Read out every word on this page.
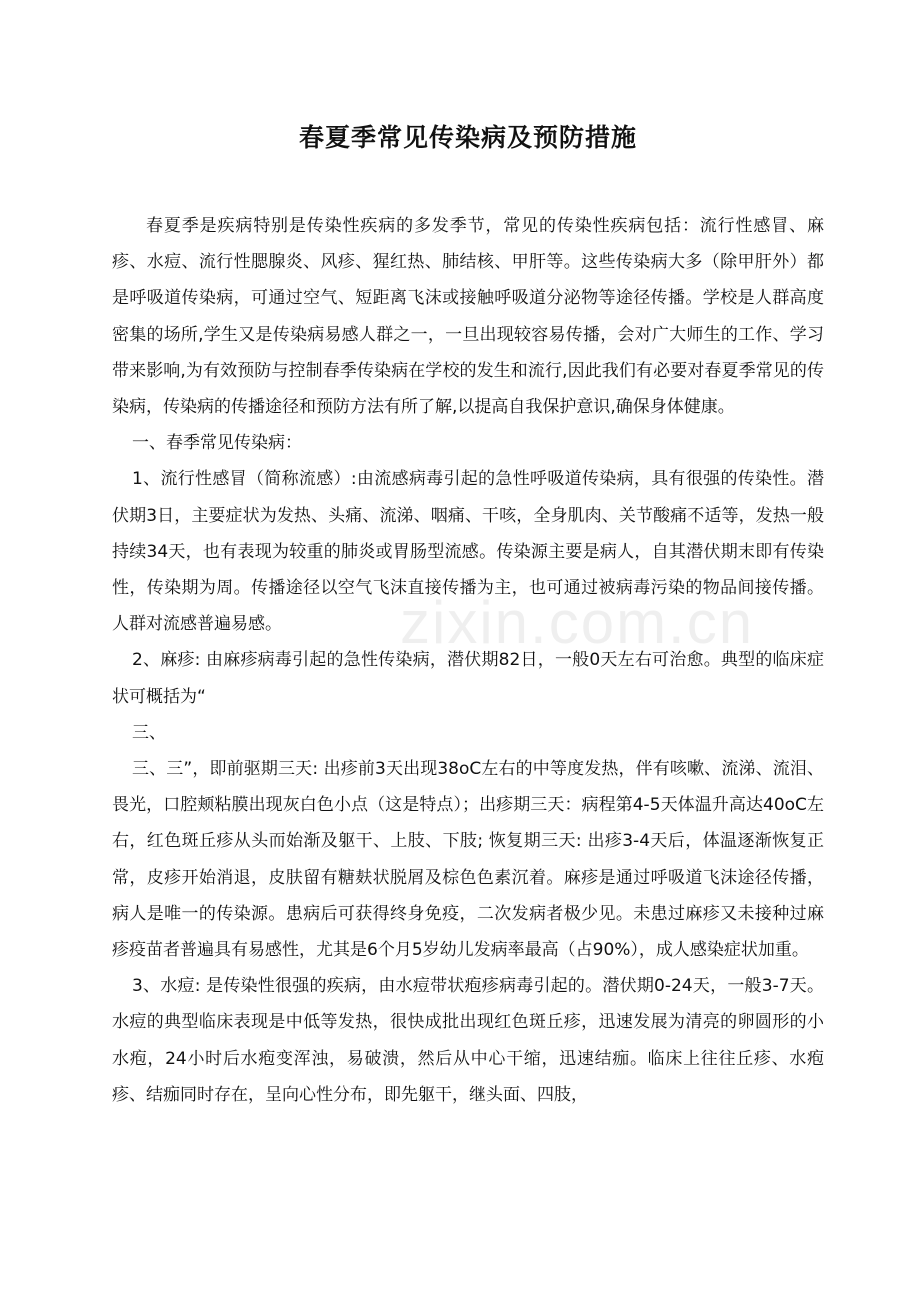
春夏季常见传染病及预防措施

春夏季是疾病特别是传染性疾病的多发季节，常见的传染性疾病包括：流行性感冒、麻疹、水痘、流行性腮腺炎、风疹、猩红热、肺结核、甲肝等。这些传染病大多（除甲肝外）都是呼吸道传染病，可通过空气、短距离飞沫或接触呼吸道分泌物等途径传播。学校是人群高度密集的场所,学生又是传染病易感人群之一，一旦出现较容易传播，会对广大师生的工作、学习带来影响,为有效预防与控制春季传染病在学校的发生和流行,因此我们有必要对春夏季常见的传染病，传染病的传播途径和预防方法有所了解,以提高自我保护意识,确保身体健康。

一、春季常见传染病：

1、流行性感冒（简称流感）:由流感病毒引起的急性呼吸道传染病，具有很强的传染性。潜伏期3日，主要症状为发热、头痛、流涕、咽痛、干咳，全身肌肉、关节酸痛不适等，发热一般持续34天，也有表现为较重的肺炎或胃肠型流感。传染源主要是病人，自其潜伏期末即有传染性，传染期为周。传播途径以空气飞沫直接传播为主，也可通过被病毒污染的物品间接传播。人群对流感普遍易感。

2、麻疹: 由麻疹病毒引起的急性传染病，潜伏期82日，一般0天左右可治愈。典型的临床症状可概括为“

三、

三、三”，即前驱期三天: 出疹前3天出现38oC左右的中等度发热，伴有咳嗽、流涕、流泪、畏光，口腔颊粘膜出现灰白色小点（这是特点）；出疹期三天：病程第4-5天体温升高达40oC左右，红色斑丘疹从头而始渐及躯干、上肢、下肢; 恢复期三天: 出疹3-4天后，体温逐渐恢复正常，皮疹开始消退，皮肤留有糖麸状脱屑及棕色色素沉着。麻疹是通过呼吸道飞沫途径传播，病人是唯一的传染源。患病后可获得终身免疫，二次发病者极少见。未患过麻疹又未接种过麻疹疫苗者普遍具有易感性，尤其是6个月5岁幼儿发病率最高（占90%），成人感染症状加重。

3、水痘: 是传染性很强的疾病，由水痘带状疱疹病毒引起的。潜伏期0-24天，一般3-7天。水痘的典型临床表现是中低等发热，很快成批出现红色斑丘疹，迅速发展为清亮的卵圆形的小水疱，24小时后水疱变浑浊，易破溃，然后从中心干缩，迅速结痂。临床上往往丘疹、水疱疹、结痂同时存在，呈向心性分布，即先躯干，继头面、四肢，

zixin.com.cn
